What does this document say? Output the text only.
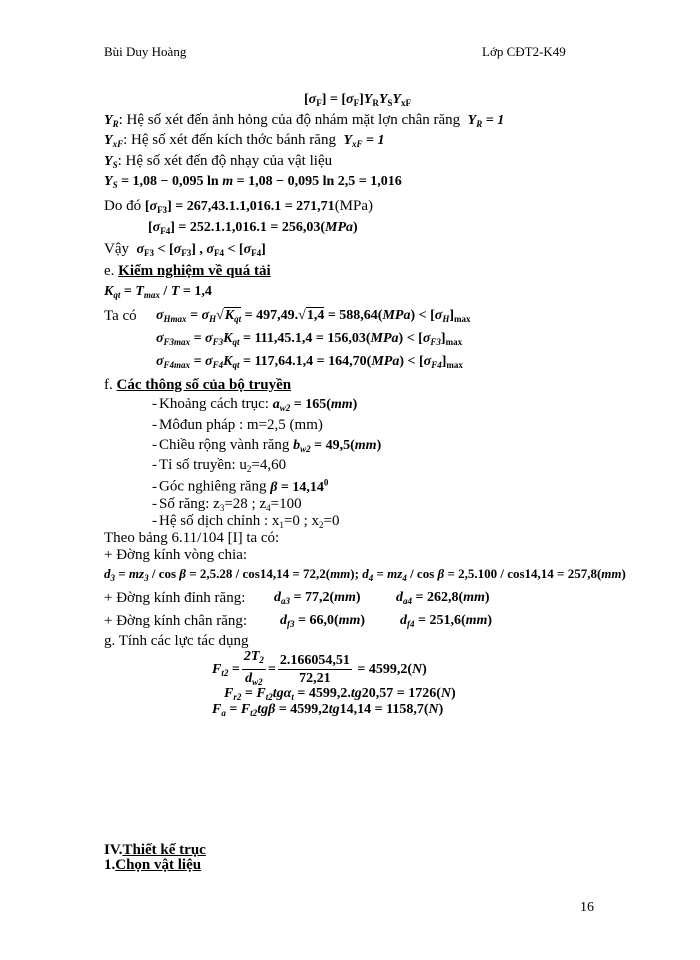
Bùi Duy Hoàng	Lớp CĐT2-K49
$[\sigma_F] = [\sigma_F]Y_RY_SY_{xF}$
$Y_R$: Hệ số xét đến ảnh hỏng của độ nhám mặt lợn chân răng $Y_R = 1$
$Y_{xF}$: Hệ số xét đến kích thớc bánh răng $Y_{xF} = 1$
$Y_S$: Hệ số xét đến độ nhạy của vật liệu
$Y_S = 1,08 - 0,095$ ln m = 1,08 − 0,095 ln 2,5 = 1,016
Do đó $[\sigma_{F3}] = 267,43.1.1,016.1 = 271,71(MPa)$
$[\sigma_{F4}] = 252.1.1,016.1 = 256,03(MPa)$
Vậy $\sigma_{F3} < [\sigma_{F3}]$ , $\sigma_{F4} < [\sigma_{F4}]$
e. Kiểm nghiệm về quá tải
$K_{qt} = T_{max} / T = 1,4$
Ta có $\sigma_{Hmax} = \sigma_H√K_{qt} = 497,49.√1,4 = 588,64(MPa) < [\sigma_H]_{max}$
$\sigma_{F3max} = \sigma_{F3}K_{qt} = 111,45.1,4 = 156,03(MPa) < [\sigma_{F3}]_{max}$
$\sigma_{F4max} = \sigma_{F4}K_{qt} = 117,64.1,4 = 164,70(MPa) < [\sigma_{F4}]_{max}$
f. Các thông số của bộ truyền
- Khoảng cách trục: $a_{w2} = 165(mm)$
- Môđun pháp : m=2,5 (mm)
- Chiều rộng vành răng $b_{w2} = 49,5(mm)$
- Tỉ số truyền: $u_2=4,60$
- Góc nghiêng răng $\beta = 14,14^0$
- Số răng: $z_3=28$ ; $z_4=100$
- Hệ số dịch chỉnh : $x_1=0$ ; $x_2=0$
Theo bảng 6.11/104 [I] ta có:
+ Đờng kính vòng chia:
$d_3 = mz_3 / \cos \beta = 2,5.28 / \cos 14,14 = 72,2(mm)$; $d_4 = mz_4 / \cos \beta = 2,5.100 / \cos 14,14 = 257,8(mm)$
+ Đờng kính đỉnh răng: $d_{a3} = 77,2(mm)$	$d_{a4} = 262,8(mm)$
+ Đờng kính chân răng: $d_{f3} = 66,0(mm) d_{f4} = 251,6(mm)$
g. Tính các lực tác dụng
$F_{t2} = \frac{2T_2}{d_{w2}} = \frac{2.166054,51}{72,21} = 4599,2$( N )
$F_{r2} = F_{t2}tg\alpha_t = 4599,2.tg20,57 = 1726(N)$
$F_a = F_{t2}tg\beta = 4599,2tg14,14 = 1158,7(N)$
IV.Thiết kế trục
1.Chọn vật liệu
16
